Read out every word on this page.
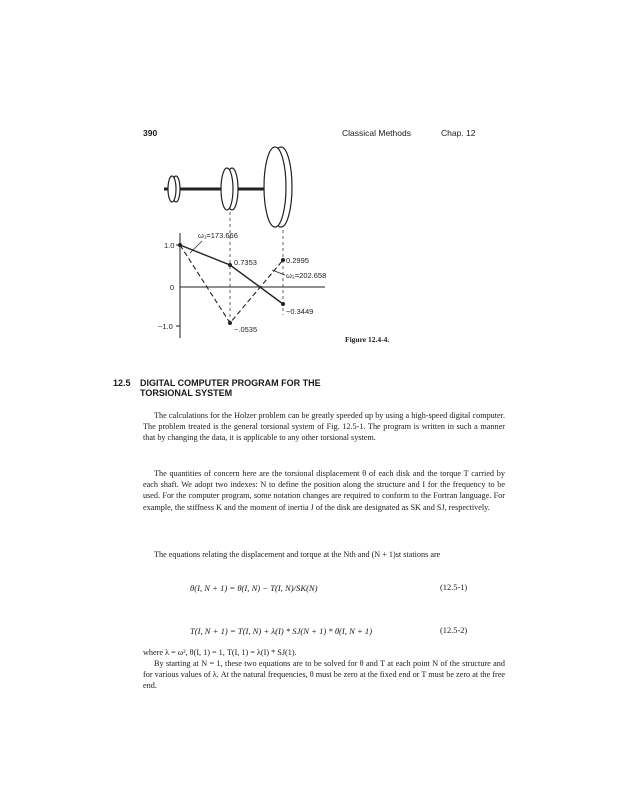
390	Classical Methods	Chap. 12
1.0
0
−1.0
ω₁=173.666
0.7353	0.2995
ω₂=202.658
−0.3449
−.0535
Figure 12.4-4.
12.5 DIGITAL COMPUTER PROGRAM FOR THE
TORSIONAL SYSTEM

The calculations for the Holzer problem can be greatly speeded up by using a high-speed digital computer. The problem treated is the general torsional system of Fig. 12.5-1. The program is written in such a manner that by changing the data, it is applicable to any other torsional system.

The quantities of concern here are the torsional displacement θ of each disk and the torque T carried by each shaft. We adopt two indexes: N to define the position along the structure and I for the frequency to be used. For the computer program, some notation changes are required to conform to the Fortran language. For example, the stiffness K and the moment of inertia J of the disk are designated as SK and SJ, respectively.

The equations relating the displacement and torque at the Nth and (N + 1)st stations are

θ(I, N + 1) = θ(I, N) − T(I, N)/SK(N)	(12.5-1)
T(I, N + 1) = T(I, N) + λ(I) * SJ(N + 1) * θ(I, N + 1)	(12.5-2)

where λ = ω², θ(I, 1) = 1, T(I, 1) = λ(I) * SJ(1).

By starting at N = 1, these two equations are to be solved for θ and T at each point N of the structure and for various values of λ. At the natural frequencies, θ must be zero at the fixed end or T must be zero at the free end.
